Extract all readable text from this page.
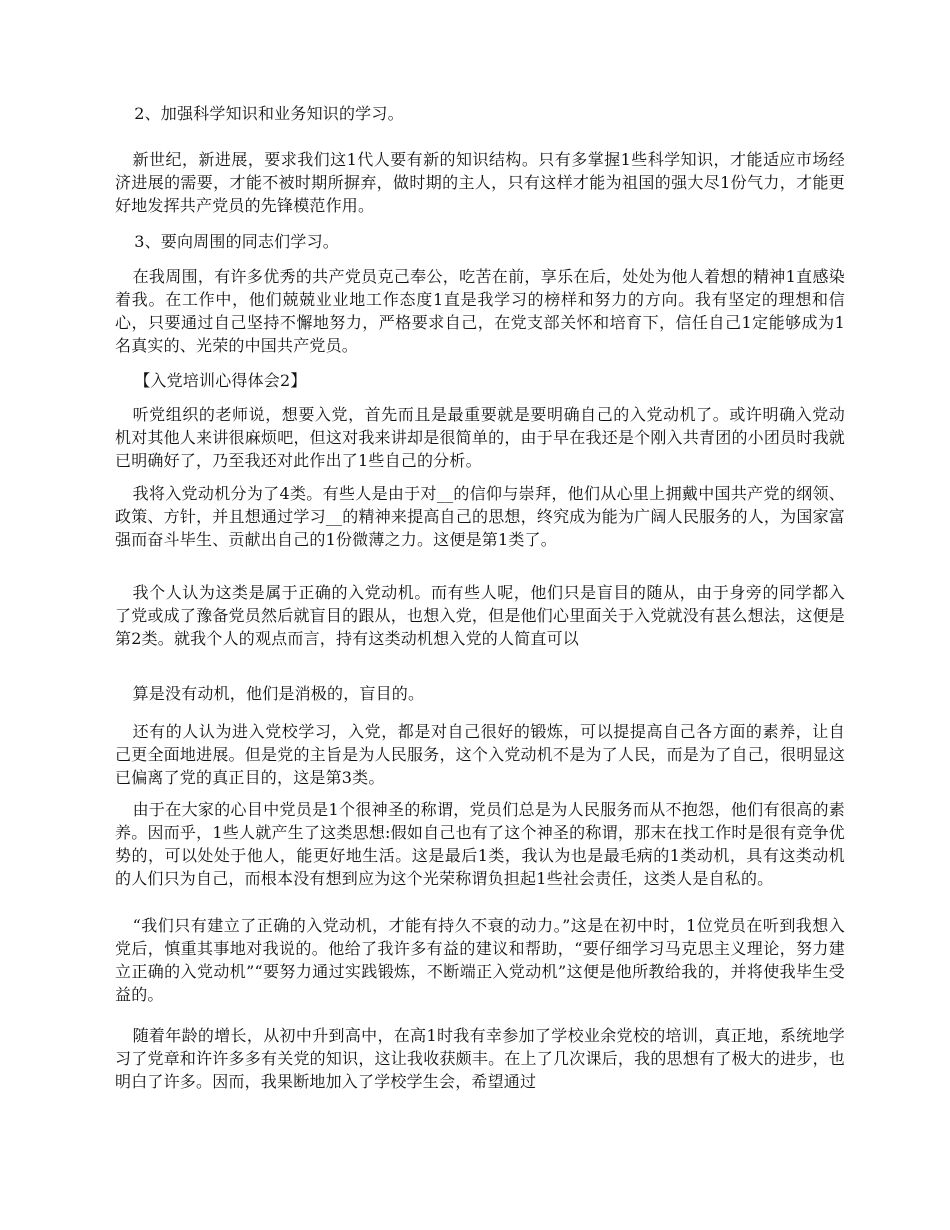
2、加强科学知识和业务知识的学习。

新世纪，新进展，要求我们这1代人要有新的知识结构。只有多掌握1些科学知识，才能适应市场经济进展的需要，才能不被时期所摒弃，做时期的主人，只有这样才能为祖国的强大尽1份气力，才能更好地发挥共产党员的先锋模范作用。

3、要向周围的同志们学习。

在我周围，有许多优秀的共产党员克己奉公，吃苦在前，享乐在后，处处为他人着想的精神1直感染着我。在工作中，他们兢兢业业地工作态度1直是我学习的榜样和努力的方向。我有坚定的理想和信心，只要通过自己坚持不懈地努力，严格要求自己，在党支部关怀和培育下，信任自己1定能够成为1名真实的、光荣的中国共产党员。

【入党培训心得体会2】

听党组织的老师说，想要入党，首先而且是最重要就是要明确自己的入党动机了。或许明确入党动机对其他人来讲很麻烦吧，但这对我来讲却是很简单的，由于早在我还是个刚入共青团的小团员时我就已明确好了，乃至我还对此作出了1些自己的分析。

我将入党动机分为了4类。有些人是由于对__的信仰与崇拜，他们从心里上拥戴中国共产党的纲领、政策、方针，并且想通过学习__的精神来提高自己的思想，终究成为能为广阔人民服务的人，为国家富强而奋斗毕生、贡献出自己的1份微薄之力。这便是第1类了。

我个人认为这类是属于正确的入党动机。而有些人呢，他们只是盲目的随从，由于身旁的同学都入了党或成了豫备党员然后就盲目的跟从，也想入党，但是他们心里面关于入党就没有甚么想法，这便是第2类。就我个人的观点而言，持有这类动机想入党的人简直可以

算是没有动机，他们是消极的，盲目的。

还有的人认为进入党校学习，入党，都是对自己很好的锻炼，可以提提高自己各方面的素养，让自己更全面地进展。但是党的主旨是为人民服务，这个入党动机不是为了人民，而是为了自己，很明显这已偏离了党的真正目的，这是第3类。

由于在大家的心目中党员是1个很神圣的称谓，党员们总是为人民服务而从不抱怨，他们有很高的素养。因而乎，1些人就产生了这类思想:假如自己也有了这个神圣的称谓，那末在找工作时是很有竞争优势的，可以处处于他人，能更好地生活。这是最后1类，我认为也是最毛病的1类动机，具有这类动机的人们只为自己，而根本没有想到应为这个光荣称谓负担起1些社会责任，这类人是自私的。

“我们只有建立了正确的入党动机，才能有持久不衰的动力。”这是在初中时，1位党员在听到我想入党后，慎重其事地对我说的。他给了我许多有益的建议和帮助，“要仔细学习马克思主义理论，努力建立正确的入党动机”“要努力通过实践锻炼，不断端正入党动机”这便是他所教给我的，并将使我毕生受益的。

随着年龄的增长，从初中升到高中，在高1时我有幸参加了学校业余党校的培训，真正地，系统地学习了党章和许许多多有关党的知识，这让我收获颇丰。在上了几次课后，我的思想有了极大的进步，也明白了许多。因而，我果断地加入了学校学生会，希望通过
